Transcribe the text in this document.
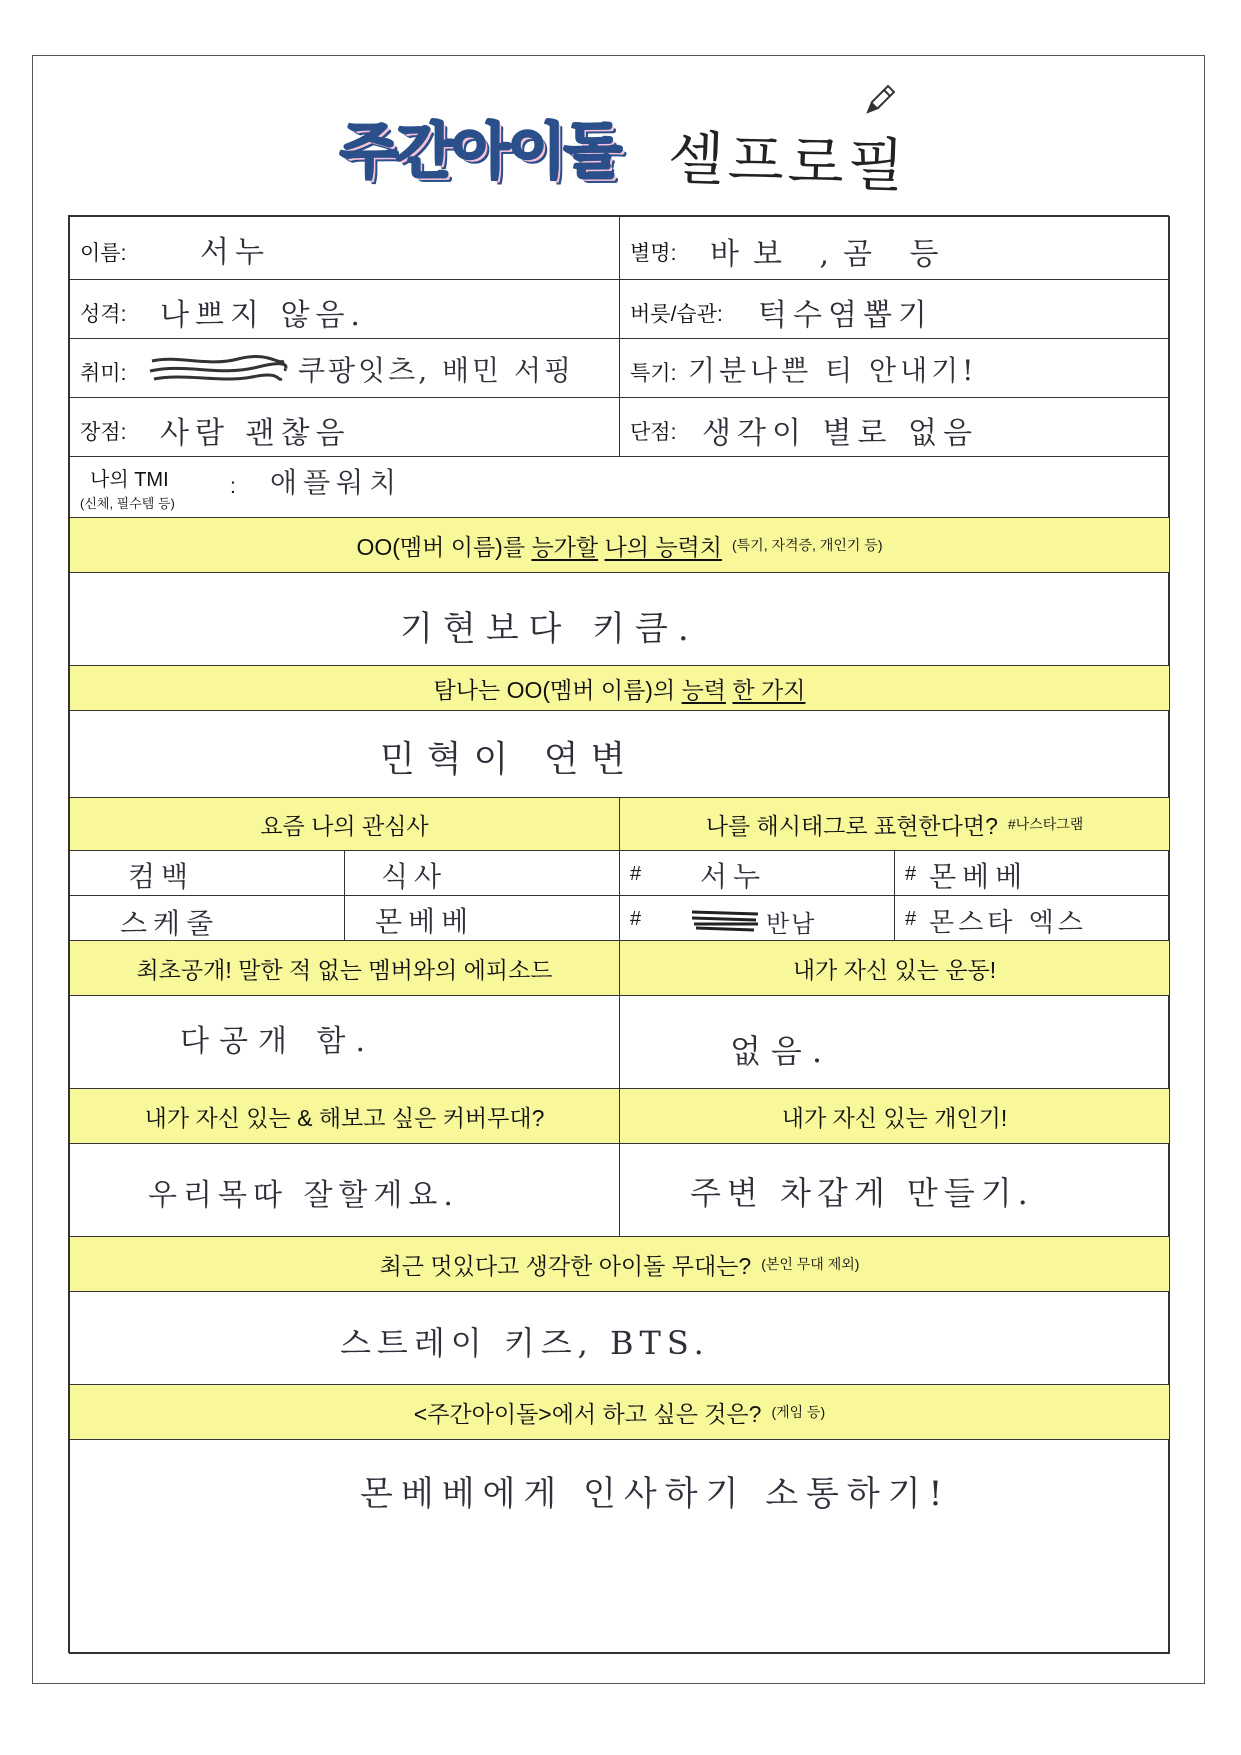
주간아이돌 셀프로필
이름: 서누	별명: 바보 ,곰 등
성격: 나쁘지 않음.	버릇/습관: 턱수염뽑기
취미:	쿠팡잇츠, 배민 서핑	특기: 기분나쁜 티 안내기!
장점: 사람 괜찮음	단점: 생각이 별로 없음
나의 TMI
(신체, 필수템 등)
: 애플워치
OO(멤버 이름)를
능가할
나의 능력치 (특기, 자격증, 개인기 등)
기현보다 키큼.
탐나는 OO(멤버 이름)의
능력
한 가지
민혁이 연변
요즘 나의 관심사	나를 해시태그로 표현한다면? #나스타그램
컴백	식사
스케줄	몬베베
# 서누	# 몬베베
#	반남	# 몬스타 엑스
최초공개! 말한 적 없는 멤버와의 에피소드	내가 자신 있는 운동!
다공개 함.	없음.
내가 자신 있는 & 해보고 싶은 커버무대?	내가 자신 있는 개인기!
우리목따 잘할게요.	주변 차갑게 만들기.
최근 멋있다고 생각한 아이돌 무대는? (본인 무대 제외)
스트레이 키즈, BTS.
<주간아이돌>에서 하고 싶은 것은? (게임 등)
몬베베에게 인사하기 소통하기!
